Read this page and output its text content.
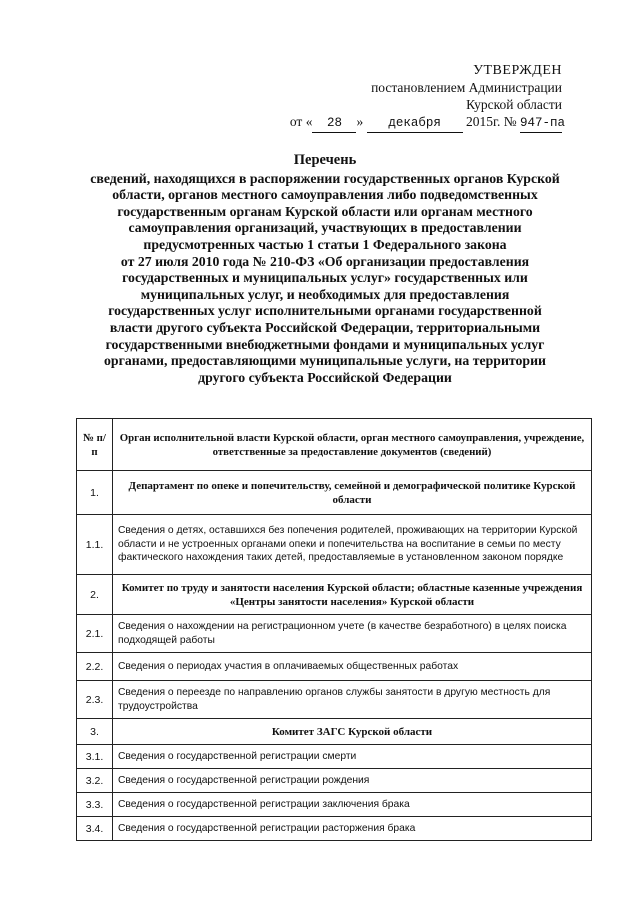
УТВЕРЖДЕН
постановлением Администрации
Курской области
от « 28 » декабря 2015г. № 947-па
Перечень
сведений, находящихся в распоряжении государственных органов Курской
области, органов местного самоуправления либо подведомственных
государственным органам Курской области или органам местного
самоуправления организаций, участвующих в предоставлении
предусмотренных частью 1 статьи 1 Федерального закона
от 27 июля 2010 года № 210-ФЗ «Об организации предоставления
государственных и муниципальных услуг» государственных или
муниципальных услуг, и необходимых для предоставления
государственных услуг исполнительными органами государственной
власти другого субъекта Российской Федерации, территориальными
государственными внебюджетными фондами и муниципальных услуг
органами, предоставляющими муниципальные услуги, на территории
другого субъекта Российской Федерации
№ п/п	Орган исполнительной власти Курской области, орган местного самоуправления, учреждение, ответственные за предоставление документов (сведений)
1.	Департамент по опеке и попечительству, семейной и демографической политике Курской области
1.1.	Сведения о детях, оставшихся без попечения родителей, проживающих на территории Курской области и не устроенных органами опеки и попечительства на воспитание в семьи по месту фактического нахождения таких детей, предоставляемые в установленном законом порядке
2.	Комитет по труду и занятости населения Курской области; областные казенные учреждения «Центры занятости населения» Курской области
2.1.	Сведения о нахождении на регистрационном учете (в качестве безработного) в целях поиска подходящей работы
2.2.	Сведения о периодах участия в оплачиваемых общественных работах
2.3.	Сведения о переезде по направлению органов службы занятости в другую местность для трудоустройства
3.	Комитет ЗАГС Курской области
3.1.	Сведения о государственной регистрации смерти
3.2.	Сведения о государственной регистрации рождения
3.3.	Сведения о государственной регистрации заключения брака
3.4.	Сведения о государственной регистрации расторжения брака
